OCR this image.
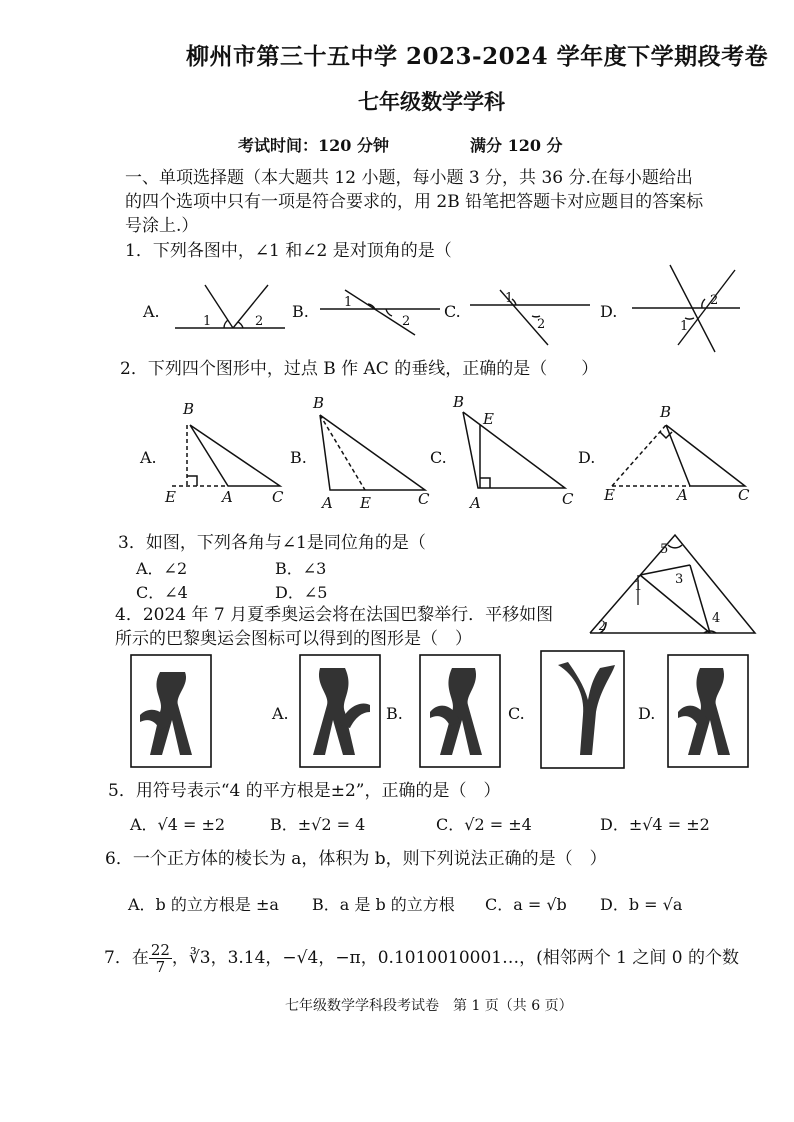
柳州市第三十五中学 2023-2024 学年度下学期段考卷
七年级数学学科
考试时间：120 分钟	满分 120 分
一、单项选择题（本大题共 12 小题，每小题 3 分，共 36 分.在每小题给出
的四个选项中只有一项是符合要求的，用 2B 铅笔把答题卡对应题目的答案标
号涂上.）
1．下列各图中，∠1 和∠2 是对顶角的是（
A.	B.	C.	D.
1	2
1
2
1
2
2
1
1
2
3
4
5
A.	B.	C.	D.
2．下列四个图形中，过点 B 作 AC 的垂线，正确的是（　　）
B
E	A	C
B
A E	C
B
E
A	C
B
E	A	C
3．如图，下列各角与∠1是同位角的是（
A．∠2	B．∠3
C．∠4	D．∠5
4．2024 年 7 月夏季奥运会将在法国巴黎举行．平移如图
所示的巴黎奥运会图标可以得到的图形是（　）
A.	B.	C.	D.
5．用符号表示“4 的平方根是±2”，正确的是（　）
A．√4 = ±2	B．±√2 = 4	C．√2 = ±4	D．±√4 = ±2
6．一个正方体的棱长为 a，体积为 b，则下列说法正确的是（　）
A．b 的立方根是 ±a B．a 是 b 的立方根 C．a = √b D．b = √a
7．在 $\frac{22}{7}$ ，∛3，3.14，−√4，−π，0.1010010001…，(相邻两个 1 之间 0 的个数
七年级数学学科段考试卷　第 1 页（共 6 页）
